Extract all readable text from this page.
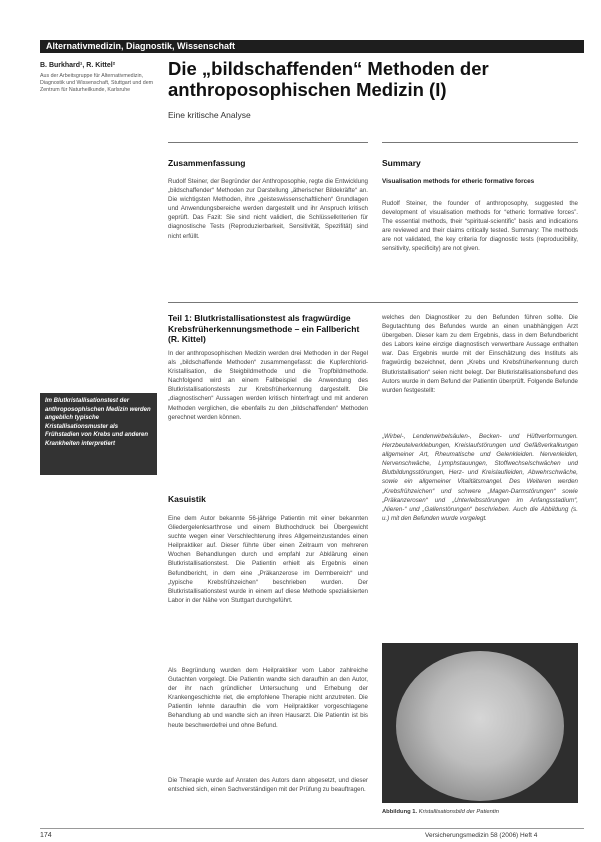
Alternativmedizin, Diagnostik, Wissenschaft
B. Burkhard¹, R. Kittel²
Aus der Arbeitsgruppe für Alternativmedizin, Diagnostik und Wissenschaft, Stuttgart und dem Zentrum für Naturheilkunde, Karlsruhe
Die „bildschaffenden“ Methoden der anthroposophischen Medizin (I)
Eine kritische Analyse
Zusammenfassung
Rudolf Steiner, der Begründer der Anthroposophie, regte die Entwicklung „bildschaffender“ Methoden zur Darstellung „ätherischer Bildekräfte“ an. Die wichtigsten Methoden, ihre „geisteswissenschaftlichen“ Grundlagen und Anwendungsbereiche werden dargestellt und ihr Anspruch kritisch geprüft. Das Fazit: Sie sind nicht validiert, die Schlüsselkriterien für diagnostische Tests (Reproduzierbarkeit, Sensitivität, Spezifität) sind nicht erfüllt.
Summary
Visualisation methods for etheric formative forces
Rudolf Steiner, the founder of anthroposophy, suggested the development of visualisation methods for “etheric formative forces”. The essential methods, their “spiritual-scientific” basis and indications are reviewed and their claims critically tested. Summary: The methods are not validated, the key criteria for diagnostic tests (reproducibility, sensitivity, specificity) are not given.
Teil 1: Blutkristallisationstest als fragwürdige Krebsfrüherkennungsmethode – ein Fallbericht (R. Kittel)
In der anthroposophischen Medizin werden drei Methoden in der Regel als „bildschaffende Methoden“ zusammengefasst: die Kupferchlorid-Kristallisation, die Steigbildmethode und die Tropfbildmethode. Nachfolgend wird an einem Fallbeispiel die Anwendung des Blutkristallisationstests zur Krebsfrüherkennung dargestellt. Die „diagnostischen“ Aussagen werden kritisch hinterfragt und mit anderen Methoden verglichen, die ebenfalls zu den „bildschaffenden“ Methoden gerechnet werden können.
Im Blutkristallisationstest der anthroposophischen Medizin werden angeblich typische Kristallisationsmuster als Frühstadien von Krebs und anderen Krankheiten interpretiert
Kasuistik
Eine dem Autor bekannte 56-jährige Patientin mit einer bekannten Gliedergelenksarthrose und einem Bluthochdruck bei Übergewicht suchte wegen einer Verschlechterung ihres Allgemeinzustandes einen Heilpraktiker auf. Dieser führte über einen Zeitraum von mehreren Wochen Behandlungen durch und empfahl zur Abklärung einen Blutkristallisationstest. Die Patientin erhielt als Ergebnis einen Befundbericht, in dem eine „Präkanzerose im Dermbereich“ und „typische Krebsfrühzeichen“ beschrieben wurden. Der Blutkristallisationstest wurde in einem auf diese Methode spezialisierten Labor in der Nähe von Stuttgart durchgeführt.
Als Begründung wurden dem Heilpraktiker vom Labor zahlreiche Gutachten vorgelegt. Die Patientin wandte sich daraufhin an den Autor, der ihr nach gründlicher Untersuchung und Erhebung der Krankengeschichte riet, die empfohlene Therapie nicht anzutreten. Die Patientin lehnte daraufhin die vom Heilpraktiker vorgeschlagene Behandlung ab und wandte sich an ihren Hausarzt. Die Patientin ist bis heute beschwerdefrei und ohne Befund.
Die Therapie wurde auf Anraten des Autors dann abgesetzt, und dieser entschied sich, einen Sachverständigen mit der Prüfung zu beauftragen.
welches den Diagnostiker zu den Befunden führen sollte. Die Begutachtung des Befundes wurde an einen unabhängigen Arzt übergeben. Dieser kam zu dem Ergebnis, dass in dem Befundbericht des Labors keine einzige diagnostisch verwertbare Aussage enthalten war. Das Ergebnis wurde mit der Einschätzung des Instituts als fragwürdig bezeichnet, denn „Krebs und Krebsfrüherkennung durch Blutkristallisation“ seien nicht belegt. Der Blutkristallisationsbefund des Autors wurde in dem Befund der Patientin überprüft. Folgende Befunde wurden festgestellt:
„Wirbel-, Lendenwirbelsäulen-, Becken- und Hüftverformungen. Herzbeutelverklebungen, Kreislaufstörungen und Gefäßverkalkungen allgemeiner Art, Rheumatische und Gelenkleiden. Nervenleiden, Nervenschwäche, Lymphstauungen, Stoffwechselschwächen und Blutbildungsstörungen, Herz- und Kreislaufleiden, Abwehrschwäche, sowie ein allgemeiner Vitalitätsmangel. Des Weiteren werden „Krebsfrühzeichen“ und schwere „Magen-Darmstörungen“ sowie „Präkanzerosen“ und „Unterleibsstörungen im Anfangsstadium“, „Nieren-“ und „Gallenstörungen“ beschrieben. Auch die Abbildung (s. u.) mit den Befunden wurde vorgelegt.
Abbildung 1. Kristallisationsbild der Patientin
174	Versicherungsmedizin 58 (2006) Heft 4
